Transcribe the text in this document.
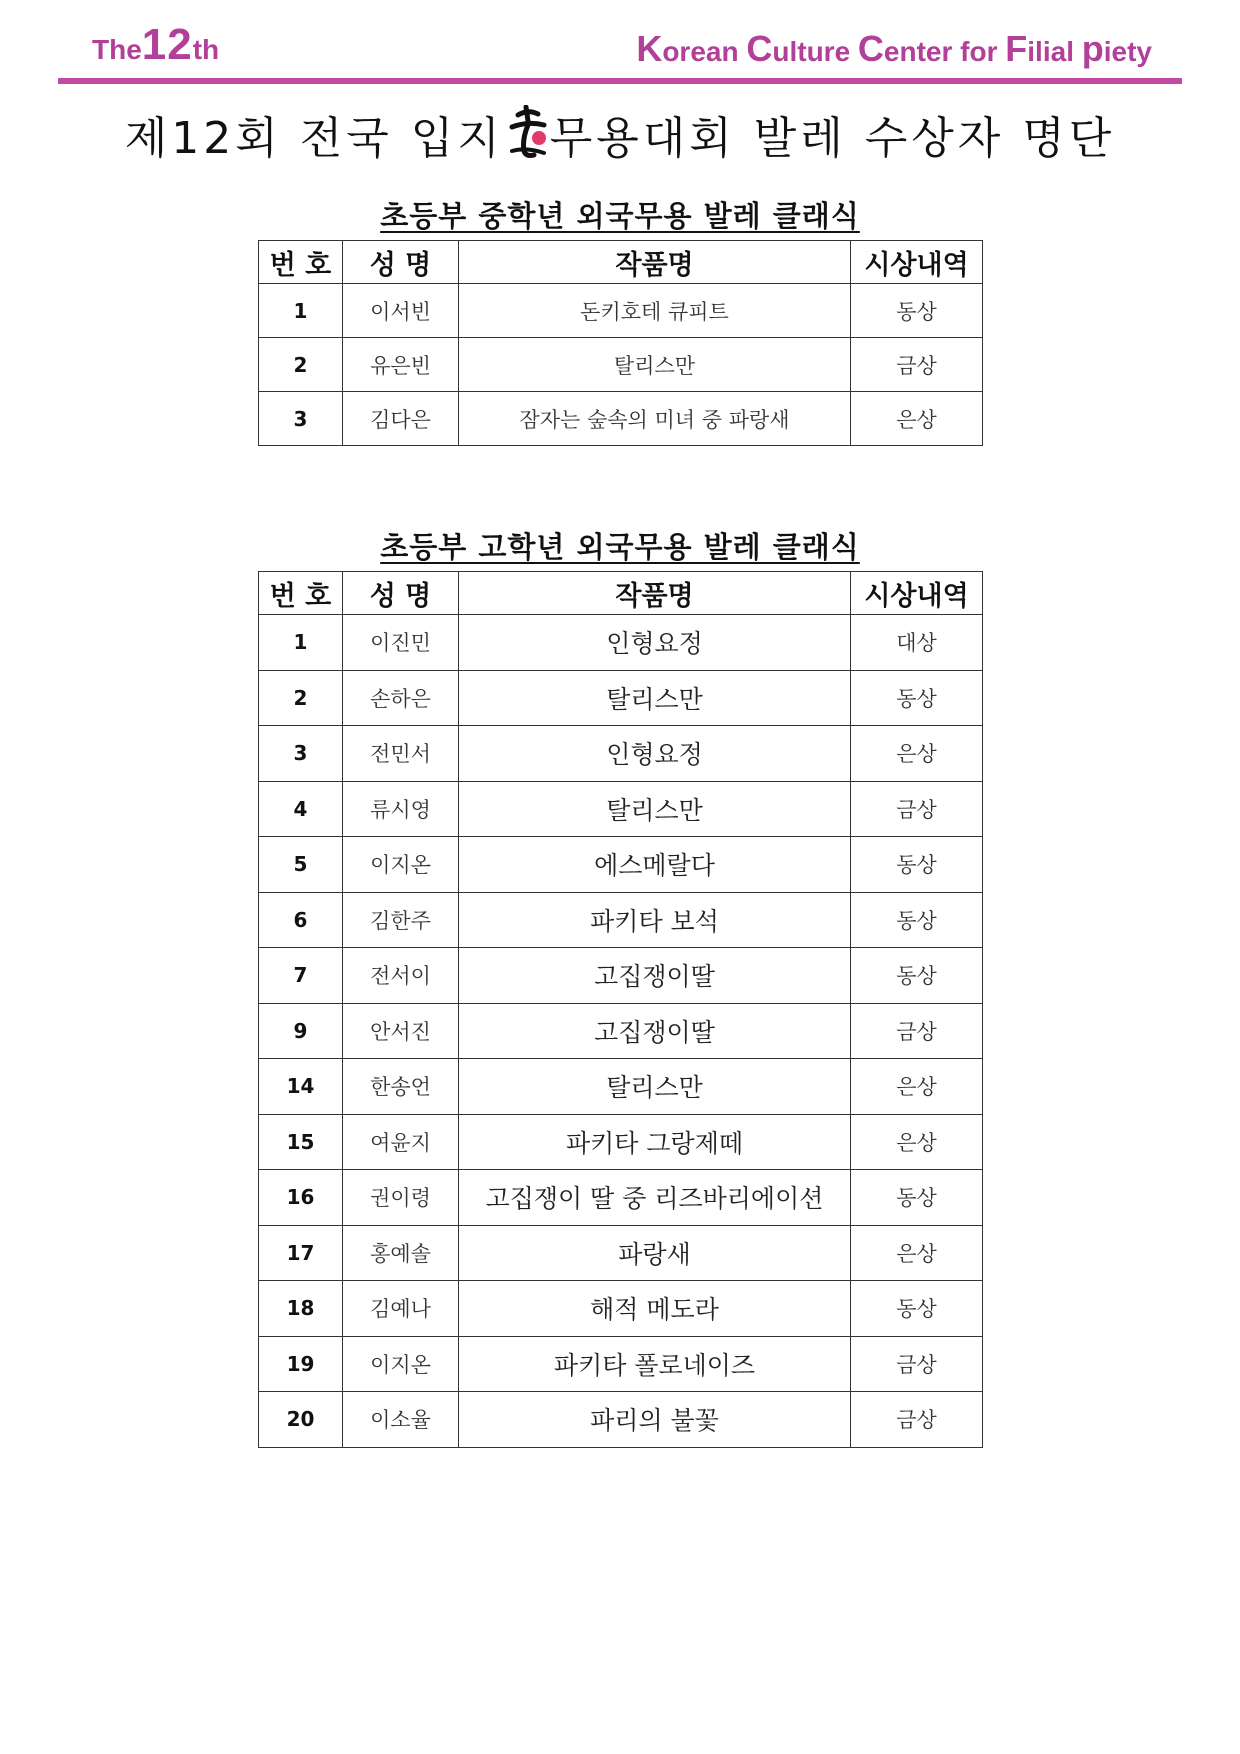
The12th	Korean Culture Center for Filial piety
제12회 전국 입지 무용대회 발레 수상자 명단
초등부 중학년 외국무용 발레 클래식
번 호	성 명	작품명	시상내역
1	이서빈	돈키호테 큐피트	동상
2	유은빈	탈리스만	금상
3	김다은	잠자는 숲속의 미녀 중 파랑새	은상
초등부 고학년 외국무용 발레 클래식
번 호	성 명	작품명	시상내역
1	이진민	인형요정	대상
2	손하은	탈리스만	동상
3	전민서	인형요정	은상
4	류시영	탈리스만	금상
5	이지온	에스메랄다	동상
6	김한주	파키타 보석	동상
7	전서이	고집쟁이딸	동상
9	안서진	고집쟁이딸	금상
14	한송언	탈리스만	은상
15	여윤지	파키타 그랑제떼	은상
16	권이령	고집쟁이 딸 중 리즈바리에이션	동상
17	홍예솔	파랑새	은상
18	김예나	해적 메도라	동상
19	이지온	파키타 폴로네이즈	금상
20	이소율	파리의 불꽃	금상
